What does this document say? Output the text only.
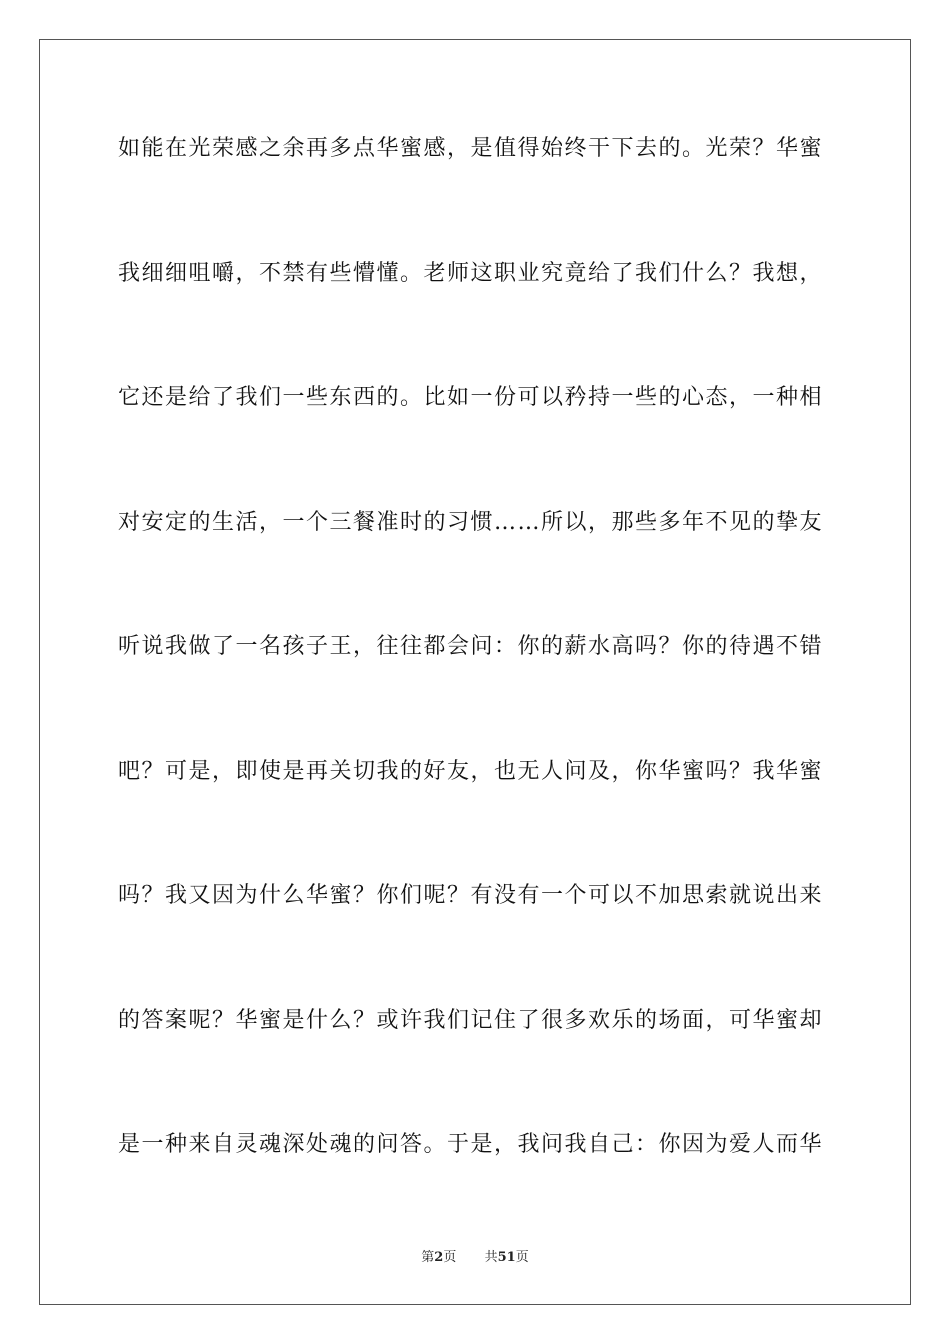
如能在光荣感之余再多点华蜜感，是值得始终干下去的。光荣？华蜜
我细细咀嚼，不禁有些懵懂。老师这职业究竟给了我们什么？我想，
它还是给了我们一些东西的。比如一份可以矜持一些的心态，一种相
对安定的生活，一个三餐准时的习惯……所以，那些多年不见的挚友
听说我做了一名孩子王，往往都会问：你的薪水高吗？你的待遇不错
吧？可是，即使是再关切我的好友，也无人问及，你华蜜吗？我华蜜
吗？我又因为什么华蜜？你们呢？有没有一个可以不加思索就说出来
的答案呢？华蜜是什么？或许我们记住了很多欢乐的场面，可华蜜却
是一种来自灵魂深处魂的问答。于是，我问我自己：你因为爱人而华
第2页 共51页
